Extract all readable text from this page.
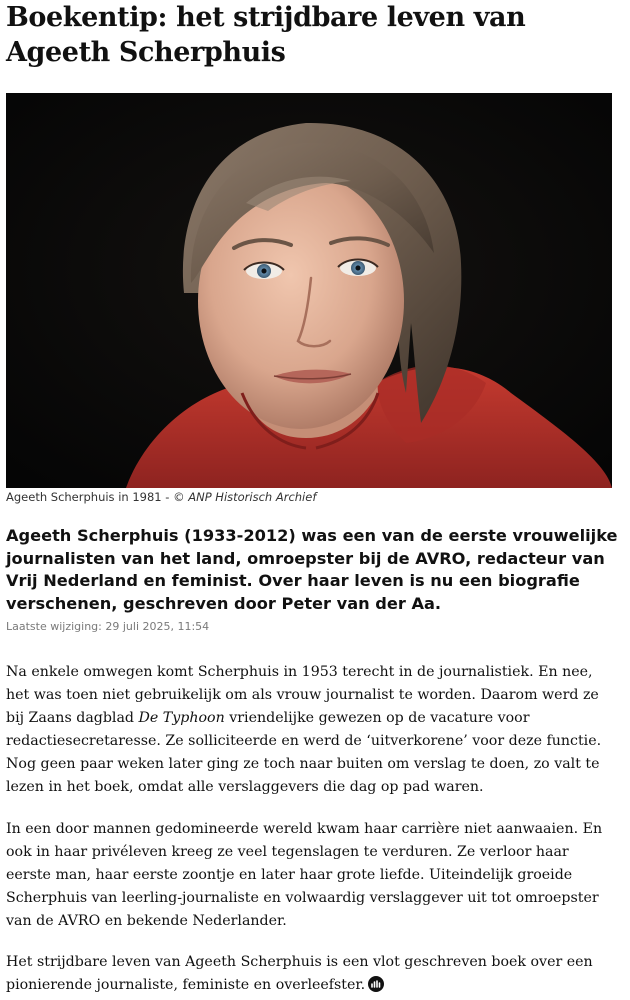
Boekentip: het strijdbare leven van Ageeth Scherphuis
Ageeth Scherphuis in 1981 - © ANP Historisch Archief

Ageeth Scherphuis (1933-2012) was een van de eerste vrouwelijke journalisten van het land, omroepster bij de AVRO, redacteur van Vrij Nederland en feminist. Over haar leven is nu een biografie verschenen, geschreven door Peter van der Aa.

Laatste wijziging: 29 juli 2025, 11:54

Na enkele omwegen komt Scherphuis in 1953 terecht in de journalistiek. En nee, het was toen niet gebruikelijk om als vrouw journalist te worden. Daarom werd ze bij Zaans dagblad De Typhoon vriendelijke gewezen op de vacature voor redactiesecretaresse. Ze solliciteerde en werd de ‘uitverkorene’ voor deze functie. Nog geen paar weken later ging ze toch naar buiten om verslag te doen, zo valt te lezen in het boek, omdat alle verslaggevers die dag op pad waren.

In een door mannen gedomineerde wereld kwam haar carrière niet aanwaaien. En ook in haar privéleven kreeg ze veel tegenslagen te verduren. Ze verloor haar eerste man, haar eerste zoontje en later haar grote liefde. Uiteindelijk groeide Scherphuis van leerling-journaliste en volwaardig verslaggever uit tot omroepster van de AVRO en bekende Nederlander.

Het strijdbare leven van Ageeth Scherphuis is een vlot geschreven boek over een pionierende journaliste, feministe en overleefster.
